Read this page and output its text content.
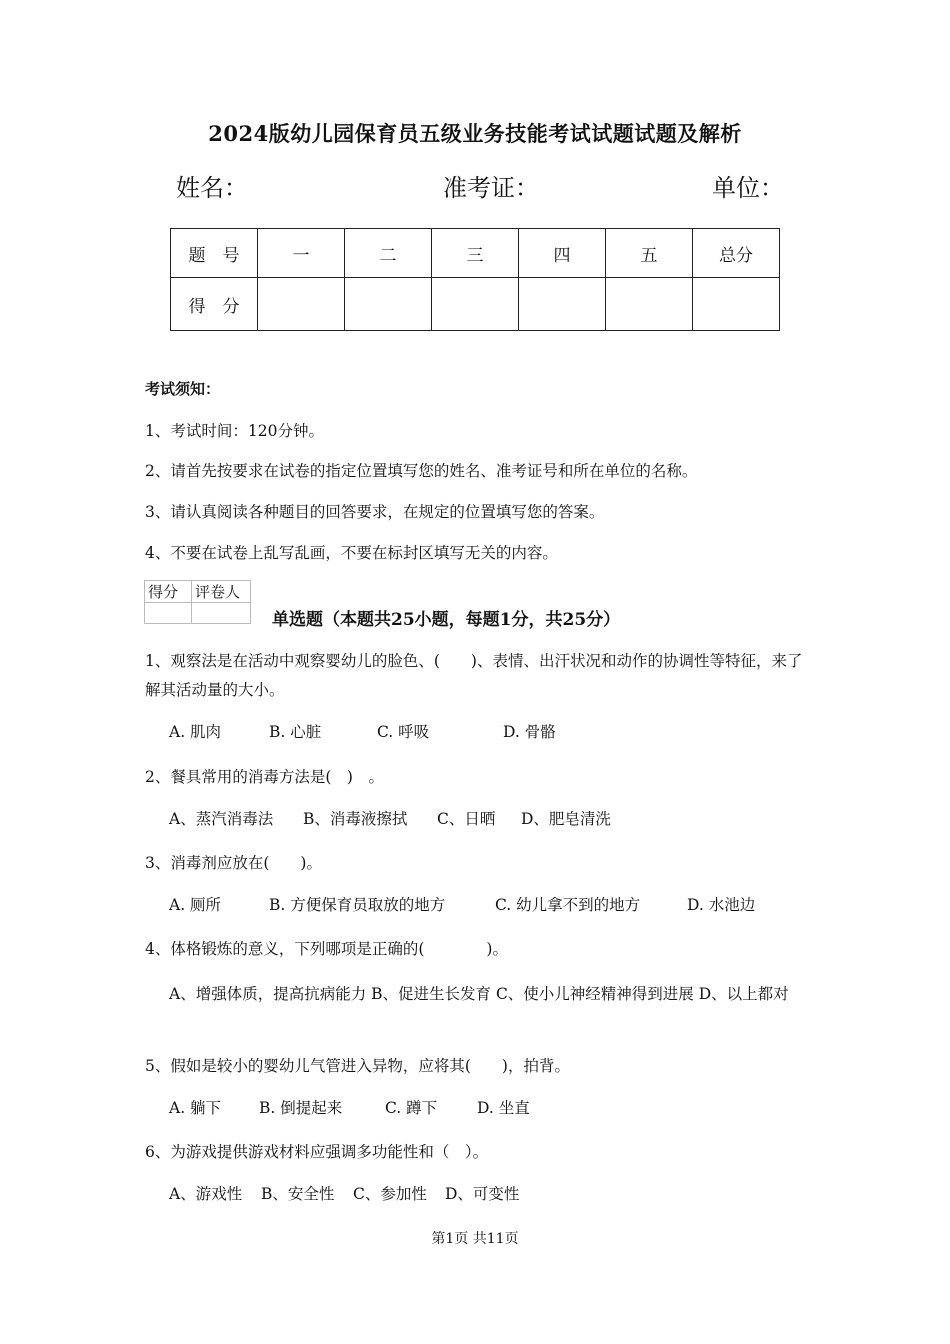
2024版幼儿园保育员五级业务技能考试试题试题及解析
姓名：	准考证：	单位：
题　号	一	二	三	四	五	总分
得　分						
考试须知：
1、考试时间：120分钟。
2、请首先按要求在试卷的指定位置填写您的姓名、准考证号和所在单位的名称。
3、请认真阅读各种题目的回答要求，在规定的位置填写您的答案。
4、不要在试卷上乱写乱画，不要在标封区填写无关的内容。
得分	评卷人

单选题（本题共25小题，每题1分，共25分）
1、观察法是在活动中观察婴幼儿的脸色、(　　)、表情、出汗状况和动作的协调性等特征，来了解其活动量的大小。
A. 肌肉	B. 心脏	C. 呼吸	D. 骨骼
2、餐具常用的消毒方法是(　)　。
A、蒸汽消毒法 B、消毒液擦拭 C、日晒 D、肥皂清洗
3、消毒剂应放在(　　)。
A. 厕所	B. 方便保育员取放的地方	C. 幼儿拿不到的地方	D. 水池边
4、体格锻炼的意义，下列哪项是正确的(　　　　)。
A、增强体质，提高抗病能力 B、促进生长发育 C、使小儿神经精神得到进展 D、以上都对
5、假如是较小的婴幼儿气管进入异物，应将其(　　)，拍背。
A. 躺下 B. 倒提起来	C. 蹲下	D. 坐直
6、为游戏提供游戏材料应强调多功能性和（　）。
A、游戏性 B、安全性 C、参加性 D、可变性
第1页 共11页
